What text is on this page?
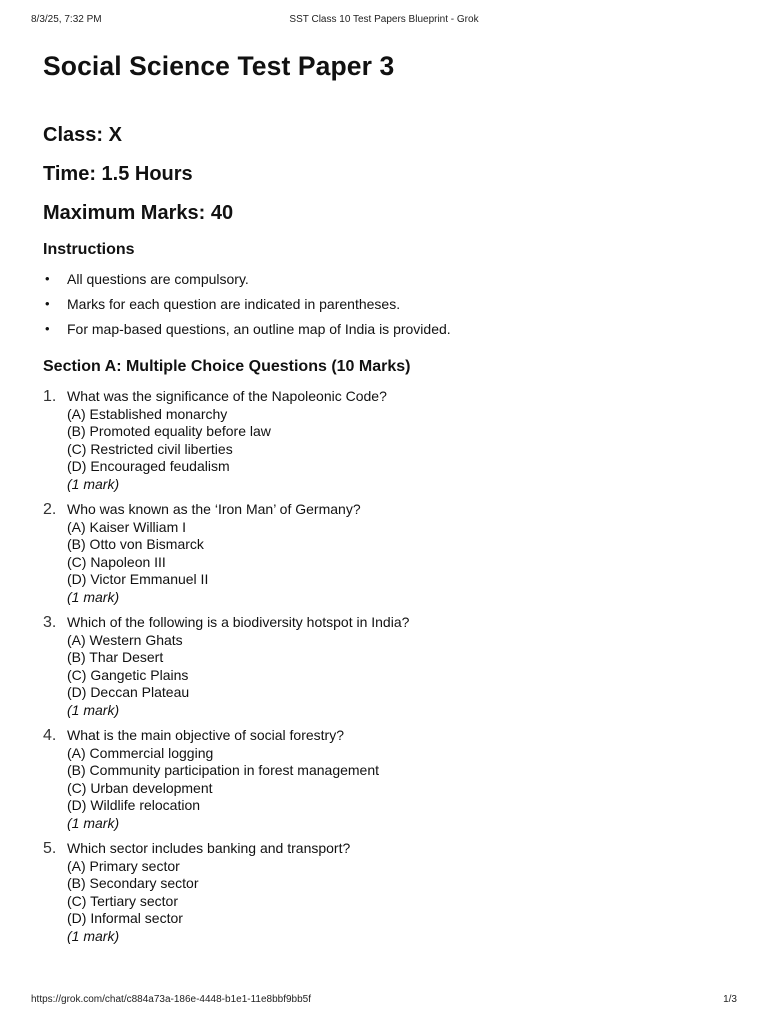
8/3/25, 7:32 PM	SST Class 10 Test Papers Blueprint - Grok
Social Science Test Paper 3
Class: X
Time: 1.5 Hours
Maximum Marks: 40
Instructions
• All questions are compulsory.
• Marks for each question are indicated in parentheses.
• For map-based questions, an outline map of India is provided.
Section A: Multiple Choice Questions (10 Marks)
1. What was the significance of the Napoleonic Code?
(A) Established monarchy
(B) Promoted equality before law
(C) Restricted civil liberties
(D) Encouraged feudalism
(1 mark)
2. Who was known as the ‘Iron Man’ of Germany?
(A) Kaiser William I
(B) Otto von Bismarck
(C) Napoleon III
(D) Victor Emmanuel II
(1 mark)
3. Which of the following is a biodiversity hotspot in India?
(A) Western Ghats
(B) Thar Desert
(C) Gangetic Plains
(D) Deccan Plateau
(1 mark)
4. What is the main objective of social forestry?
(A) Commercial logging
(B) Community participation in forest management
(C) Urban development
(D) Wildlife relocation
(1 mark)
5. Which sector includes banking and transport?
(A) Primary sector
(B) Secondary sector
(C) Tertiary sector
(D) Informal sector
(1 mark)
https://grok.com/chat/c884a73a-186e-4448-b1e1-11e8bbf9bb5f	1/3
